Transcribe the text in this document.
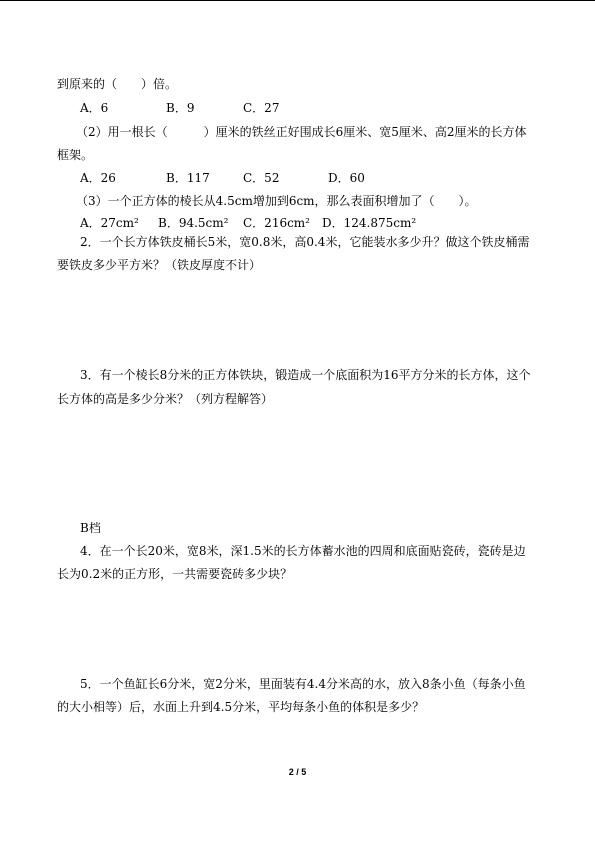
到原来的（　　）倍。
A．6	B．9	C．27
（2）用一根长（　　　）厘米的铁丝正好围成长6厘米、宽5厘米、高2厘米的长方体
框架。
A．26	B．117	C．52	D．60
（3）一个正方体的棱长从4.5cm增加到6cm，那么表面积增加了（　　）。
A．27cm² B．94.5cm² C．216cm² D．124.875cm²
2．一个长方体铁皮桶长5米，宽0.8米，高0.4米，它能装水多少升？做这个铁皮桶需
要铁皮多少平方米？（铁皮厚度不计）
3．有一个棱长8分米的正方体铁块，锻造成一个底面积为16平方分米的长方体，这个
长方体的高是多少分米？（列方程解答）
B档
4．在一个长20米，宽8米，深1.5米的长方体蓄水池的四周和底面贴瓷砖，瓷砖是边
长为0.2米的正方形，一共需要瓷砖多少块？
5．一个鱼缸长6分米，宽2分米，里面装有4.4分米高的水，放入8条小鱼（每条小鱼
的大小相等）后，水面上升到4.5分米，平均每条小鱼的体积是多少？
2 / 5
